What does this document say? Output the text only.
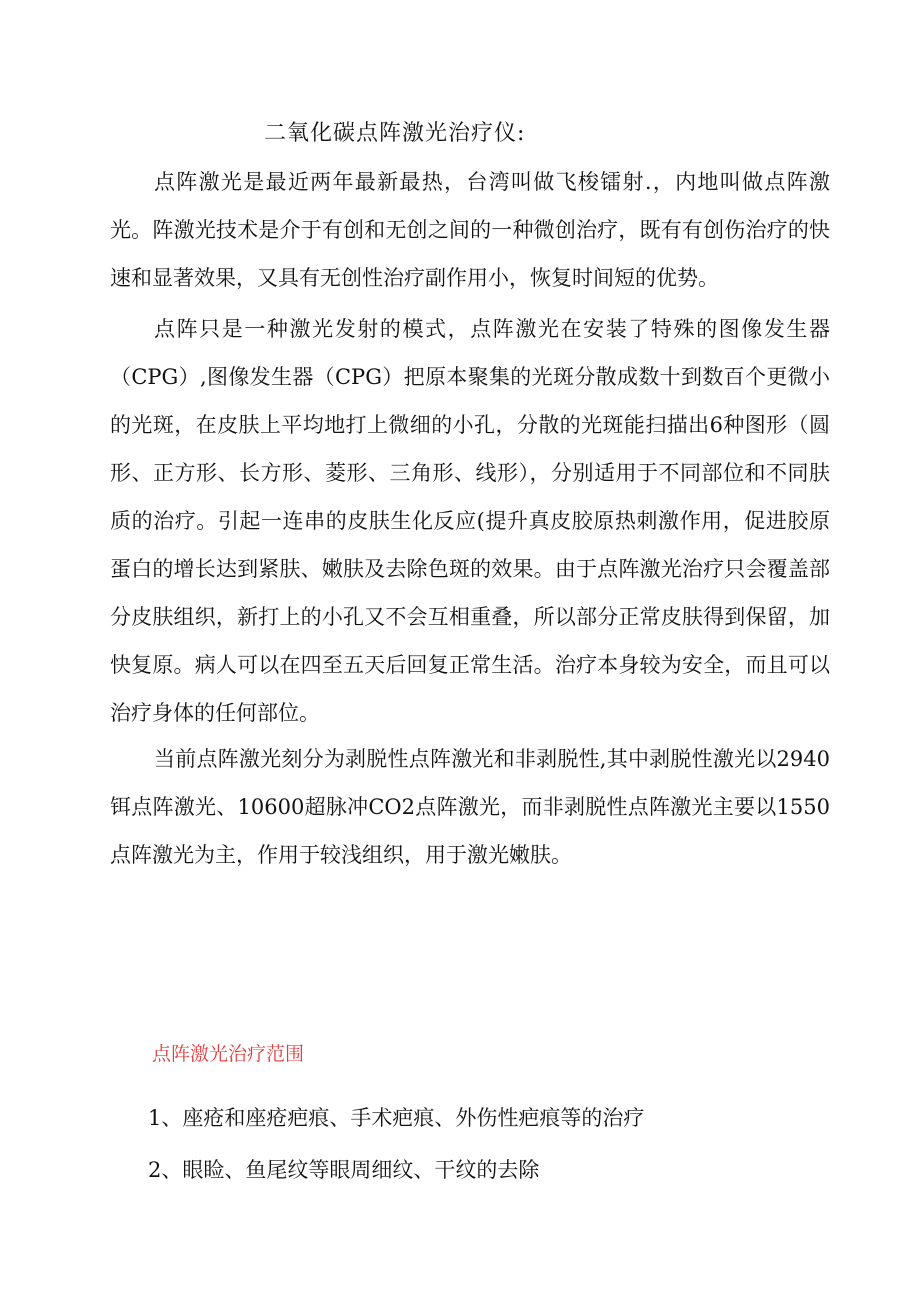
二氧化碳点阵激光治疗仪:

点阵激光是最近两年最新最热，台湾叫做飞梭镭射.，内地叫做点阵激光。阵激光技术是介于有创和无创之间的一种微创治疗，既有有创伤治疗的快速和显著效果，又具有无创性治疗副作用小，恢复时间短的优势。

点阵只是一种激光发射的模式，点阵激光在安装了特殊的图像发生器（CPG）,图像发生器（CPG）把原本聚集的光斑分散成数十到数百个更微小的光斑，在皮肤上平均地打上微细的小孔，分散的光斑能扫描出6种图形（圆形、正方形、长方形、菱形、三角形、线形），分别适用于不同部位和不同肤质的治疗。引起一连串的皮肤生化反应(提升真皮胶原热刺激作用，促进胶原蛋白的增长达到紧肤、嫩肤及去除色斑的效果。由于点阵激光治疗只会覆盖部分皮肤组织，新打上的小孔又不会互相重叠，所以部分正常皮肤得到保留，加快复原。病人可以在四至五天后回复正常生活。治疗本身较为安全，而且可以治疗身体的任何部位。

当前点阵激光刻分为剥脱性点阵激光和非剥脱性,其中剥脱性激光以2940铒点阵激光、10600超脉冲CO2点阵激光，而非剥脱性点阵激光主要以1550点阵激光为主，作用于较浅组织，用于激光嫩肤。

点阵激光治疗范围
1、座疮和座疮疤痕、手术疤痕、外伤性疤痕等的治疗
2、眼睑、鱼尾纹等眼周细纹、干纹的去除
